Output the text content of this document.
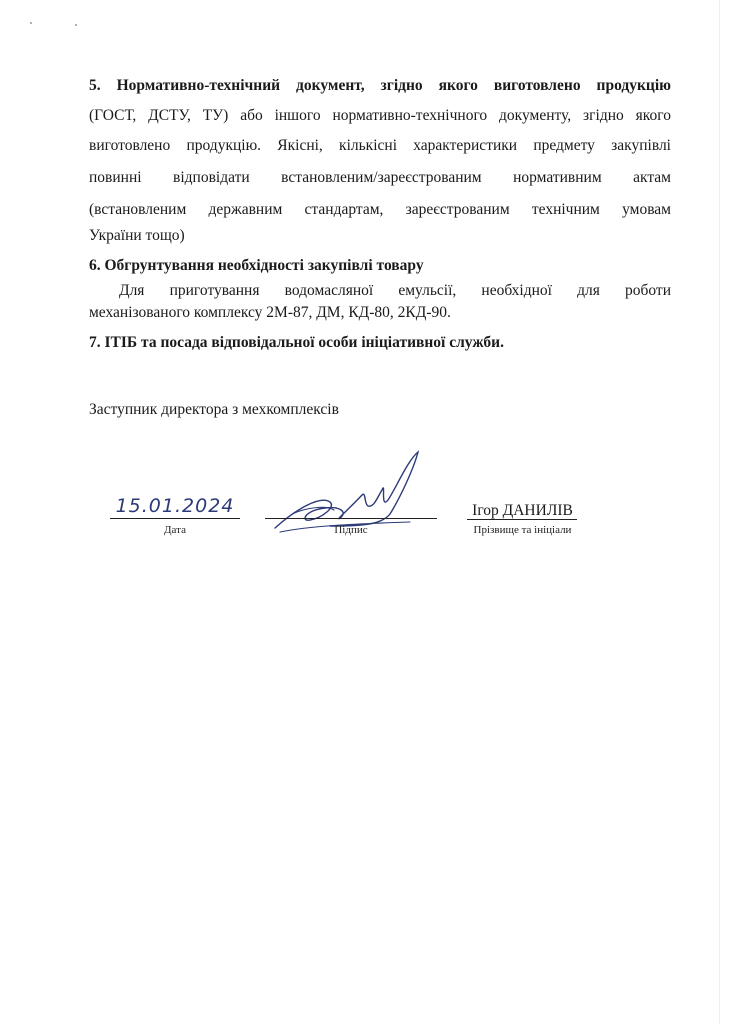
5. Нормативно-технічний документ, згідно якого виготовлено продукцію
(ГОСТ, ДСТУ, ТУ) або іншого нормативно-технічного документу, згідно якого
виготовлено продукцію. Якісні, кількісні характеристики предмету закупівлі
повинні відповідати встановленим/зареєстрованим нормативним актам
(встановленим державним стандартам, зареєстрованим технічним умовам
України тощо)
6. Обгрунтування необхідності закупівлі товару
Для приготування водомасляної емульсії, необхідної для роботи
механізованого комплексу 2М-87, ДМ, КД-80, 2КД-90.
7. ІТІБ та посада відповідальної особи ініціативної служби.
Заступник директора з мехкомплексів
15.01.2024
Дата	Підпис
Ігор ДАНИЛІВ
Прізвище та ініціали
